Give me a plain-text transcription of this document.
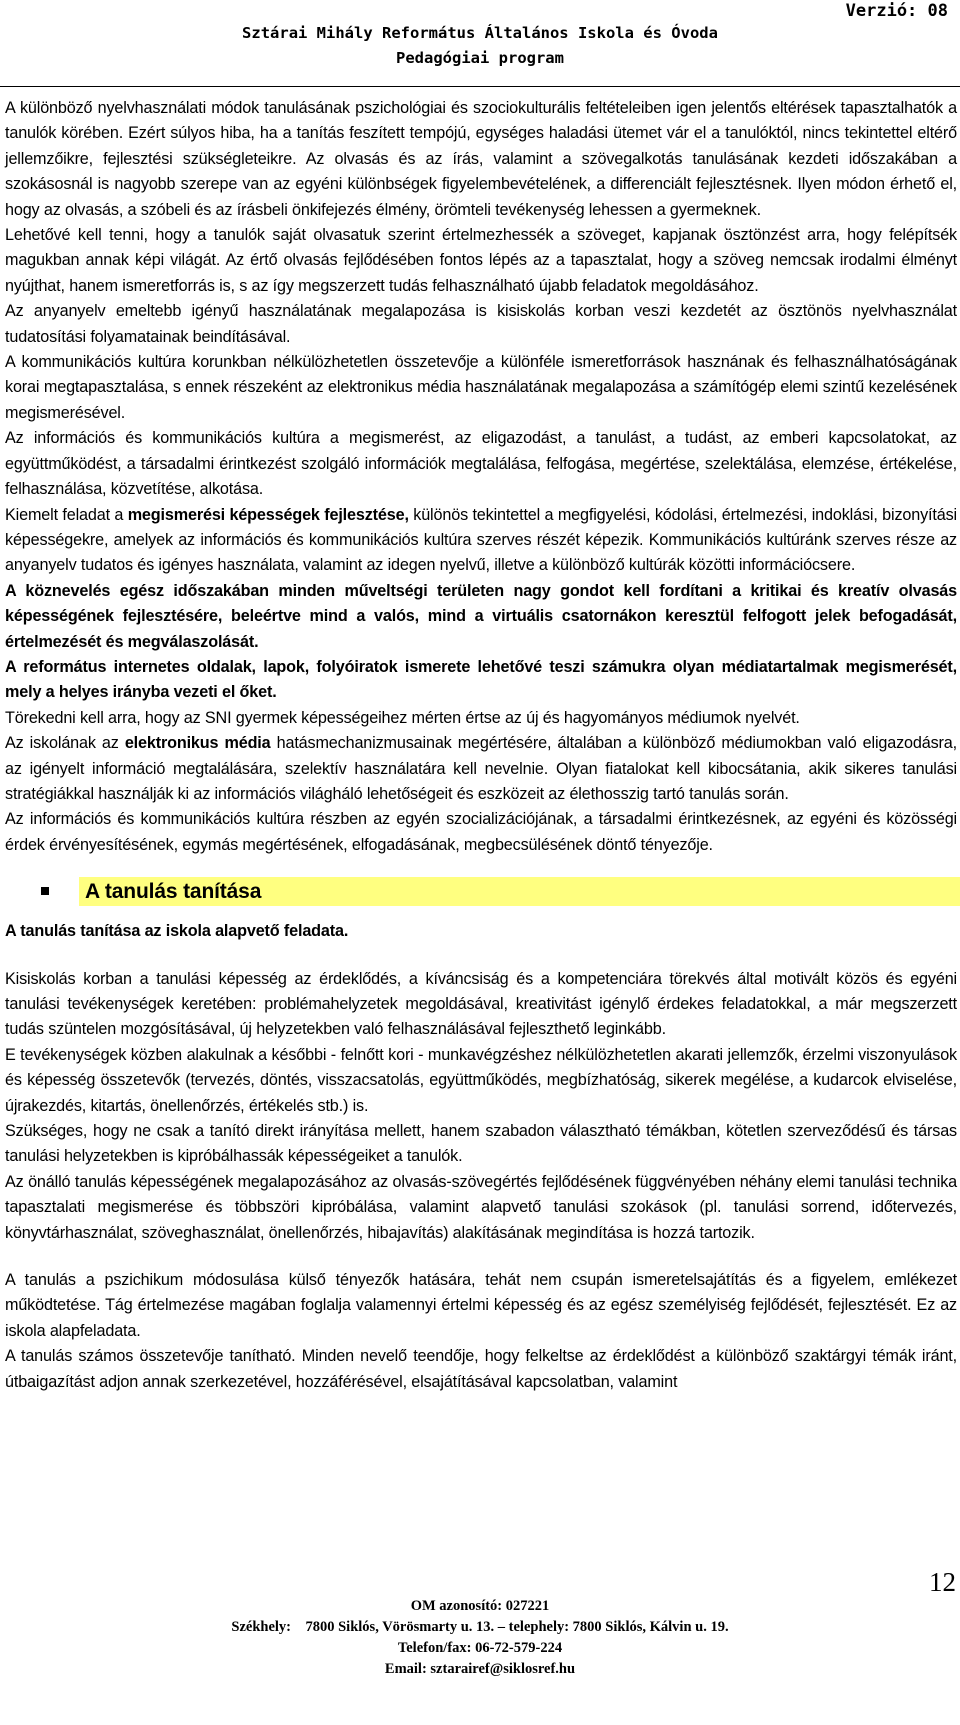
Verzió: 08
Sztárai Mihály Református Általános Iskola és Óvoda
Pedagógiai program

A különböző nyelvhasználati módok tanulásának pszichológiai és szociokulturális feltételeiben igen jelentős eltérések tapasztalhatók a tanulók körében. Ezért súlyos hiba, ha a tanítás feszített tempójú, egységes haladási ütemet vár el a tanulóktól, nincs tekintettel eltérő jellemzőikre, fejlesztési szükségleteikre. Az olvasás és az írás, valamint a szövegalkotás tanulásának kezdeti időszakában a szokásosnál is nagyobb szerepe van az egyéni különbségek figyelembevételének, a differenciált fejlesztésnek. Ilyen módon érhető el, hogy az olvasás, a szóbeli és az írásbeli önkifejezés élmény, örömteli tevékenység lehessen a gyermeknek.

Lehetővé kell tenni, hogy a tanulók saját olvasatuk szerint értelmezhessék a szöveget, kapjanak ösztönzést arra, hogy felépítsék magukban annak képi világát. Az értő olvasás fejlődésében fontos lépés az a tapasztalat, hogy a szöveg nemcsak irodalmi élményt nyújthat, hanem ismeretforrás is, s az így megszerzett tudás felhasználható újabb feladatok megoldásához.

Az anyanyelv emeltebb igényű használatának megalapozása is kisiskolás korban veszi kezdetét az ösztönös nyelvhasználat tudatosítási folyamatainak beindításával.

A kommunikációs kultúra korunkban nélkülözhetetlen összetevője a különféle ismeretforrások hasznának és felhasználhatóságának korai megtapasztalása, s ennek részeként az elektronikus média használatának megalapozása a számítógép elemi szintű kezelésének megismerésével.

Az információs és kommunikációs kultúra a megismerést, az eligazodást, a tanulást, a tudást, az emberi kapcsolatokat, az együttműködést, a társadalmi érintkezést szolgáló információk megtalálása, felfogása, megértése, szelektálása, elemzése, értékelése, felhasználása, közvetítése, alkotása.

Kiemelt feladat a megismerési képességek fejlesztése, különös tekintettel a megfigyelési, kódolási, értelmezési, indoklási, bizonyítási képességekre, amelyek az információs és kommunikációs kultúra szerves részét képezik. Kommunikációs kultúránk szerves része az anyanyelv tudatos és igényes használata, valamint az idegen nyelvű, illetve a különböző kultúrák közötti információcsere.

A köznevelés egész időszakában minden műveltségi területen nagy gondot kell fordítani a kritikai és kreatív olvasás képességének fejlesztésére, beleértve mind a valós, mind a virtuális csatornákon keresztül felfogott jelek befogadását, értelmezését és megválaszolását.

A református internetes oldalak, lapok, folyóiratok ismerete lehetővé teszi számukra olyan médiatartalmak megismerését, mely a helyes irányba vezeti el őket.

Törekedni kell arra, hogy az SNI gyermek képességeihez mérten értse az új és hagyományos médiumok nyelvét.

Az iskolának az elektronikus média hatásmechanizmusainak megértésére, általában a különböző médiumokban való eligazodásra, az igényelt információ megtalálására, szelektív használatára kell nevelnie. Olyan fiatalokat kell kibocsátania, akik sikeres tanulási stratégiákkal használják ki az információs világháló lehetőségeit és eszközeit az élethosszig tartó tanulás során.

Az információs és kommunikációs kultúra részben az egyén szocializációjának, a társadalmi érintkezésnek, az egyéni és közösségi érdek érvényesítésének, egymás megértésének, elfogadásának, megbecsülésének döntő tényezője.

A tanulás tanítása

A tanulás tanítása az iskola alapvető feladata.

Kisiskolás korban a tanulási képesség az érdeklődés, a kíváncsiság és a kompetenciára törekvés által motivált közös és egyéni tanulási tevékenységek keretében: problémahelyzetek megoldásával, kreativitást igénylő érdekes feladatokkal, a már megszerzett tudás szüntelen mozgósításával, új helyzetekben való felhasználásával fejleszthető leginkább.

E tevékenységek közben alakulnak a későbbi - felnőtt kori - munkavégzéshez nélkülözhetetlen akarati jellemzők, érzelmi viszonyulások és képesség összetevők (tervezés, döntés, visszacsatolás, együttműködés, megbízhatóság, sikerek megélése, a kudarcok elviselése, újrakezdés, kitartás, önellenőrzés, értékelés stb.) is.

Szükséges, hogy ne csak a tanító direkt irányítása mellett, hanem szabadon választható témákban, kötetlen szerveződésű és társas tanulási helyzetekben is kipróbálhassák képességeiket a tanulók.

Az önálló tanulás képességének megalapozásához az olvasás-szövegértés fejlődésének függvényében néhány elemi tanulási technika tapasztalati megismerése és többszöri kipróbálása, valamint alapvető tanulási szokások (pl. tanulási sorrend, időtervezés, könyvtárhasználat, szöveghasználat, önellenőrzés, hibajavítás) alakításának megindítása is hozzá tartozik.

A tanulás a pszichikum módosulása külső tényezők hatására, tehát nem csupán ismeretelsajátítás és a figyelem, emlékezet működtetése. Tág értelmezése magában foglalja valamennyi értelmi képesség és az egész személyiség fejlődését, fejlesztését. Ez az iskola alapfeladata.

A tanulás számos összetevője tanítható. Minden nevelő teendője, hogy felkeltse az érdeklődést a különböző szaktárgyi témák iránt, útbaigazítást adjon annak szerkezetével, hozzáférésével, elsajátításával kapcsolatban, valamint

12
OM azonosító: 027221
Székhely:    7800 Siklós, Vörösmarty u. 13. – telephely: 7800 Siklós, Kálvin u. 19.
Telefon/fax: 06-72-579-224
Email: sztarairef@siklosref.hu
